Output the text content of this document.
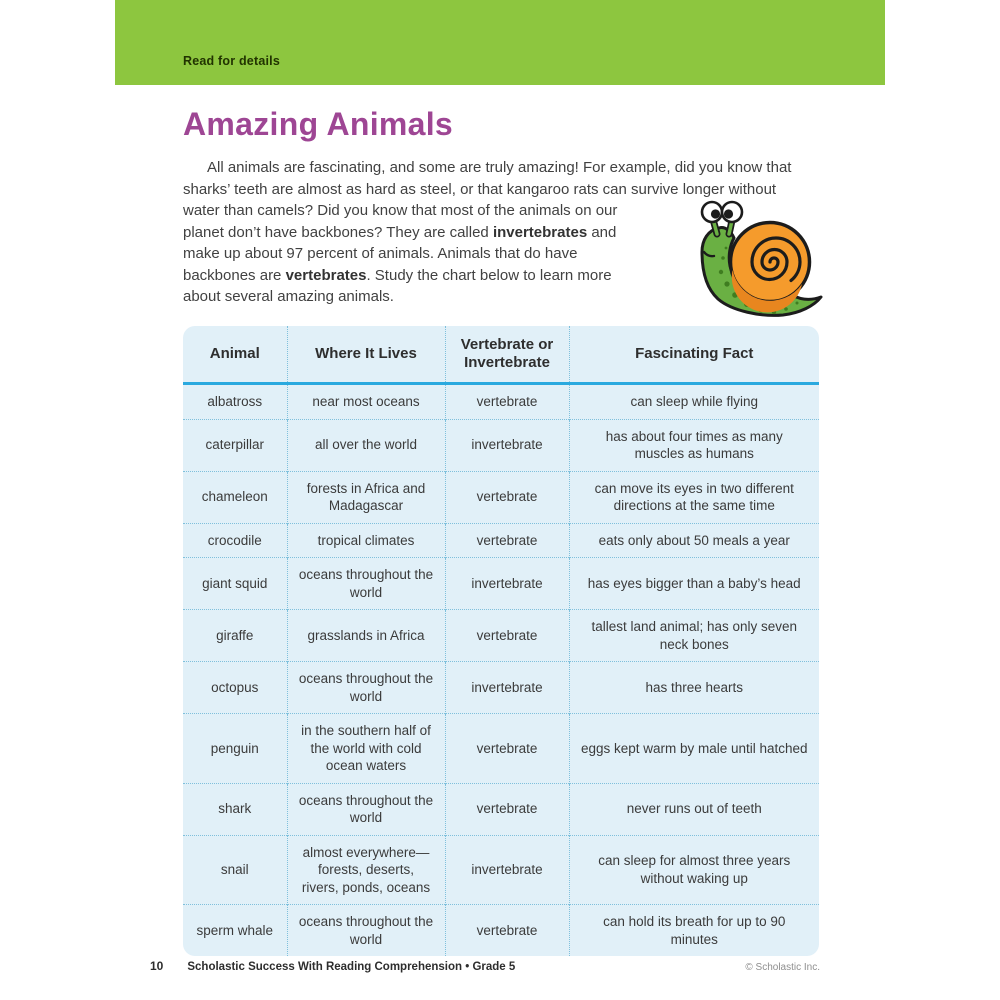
Read for details
Amazing Animals

All animals are fascinating, and some are truly amazing! For example, did you know that sharks’ teeth are almost as hard as steel, or that kangaroo rats can survive longer
without water than camels? Did you know that most of the animals on our planet don’t have backbones? They are called invertebrates and make up about 97 percent of animals. Animals that do have backbones are vertebrates. Study the chart below to learn more about several amazing animals.

Animal	Where It Lives	Vertebrate or Invertebrate	Fascinating Fact
albatross	near most oceans	vertebrate	can sleep while flying
caterpillar	all over the world	invertebrate	has about four times as many muscles as humans
chameleon	forests in Africa and Madagascar	vertebrate	can move its eyes in two different directions at the same time
crocodile	tropical climates	vertebrate	eats only about 50 meals a year
giant squid	oceans throughout the world	invertebrate	has eyes bigger than a baby’s head
giraffe	grasslands in Africa	vertebrate	tallest land animal; has only seven neck bones
octopus	oceans throughout the world	invertebrate	has three hearts
penguin	in the southern half of the world with cold ocean waters	vertebrate	eggs kept warm by male until hatched
shark	oceans throughout the world	vertebrate	never runs out of teeth
snail	almost everywhere—forests, deserts, rivers, ponds, oceans	invertebrate	can sleep for almost three years without waking up
sperm whale	oceans throughout the world	vertebrate	can hold its breath for up to 90 minutes
10 Scholastic Success With Reading Comprehension • Grade 5	© Scholastic Inc.
